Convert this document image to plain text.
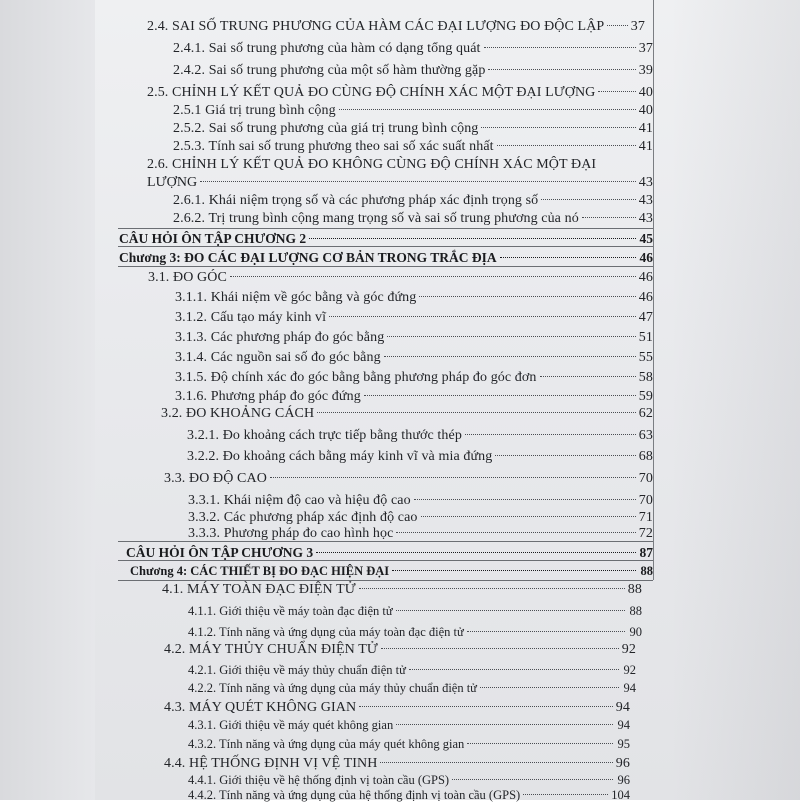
2.4. SAI SỐ TRUNG PHƯƠNG CỦA HÀM CÁC ĐẠI LƯỢNG ĐO ĐỘC LẬP 37
2.4.1. Sai số trung phương của hàm có dạng tổng quát	37
2.4.2. Sai số trung phương của một số hàm thường gặp	39
2.5. CHỈNH LÝ KẾT QUẢ ĐO CÙNG ĐỘ CHÍNH XÁC MỘT ĐẠI LƯỢNG	40
2.5.1 Giá trị trung bình cộng	40
2.5.2. Sai số trung phương của giá trị trung bình cộng	41
2.5.3. Tính sai số trung phương theo sai số xác suất nhất	41
2.6. CHỈNH LÝ KẾT QUẢ ĐO KHÔNG CÙNG ĐỘ CHÍNH XÁC MỘT ĐẠI
LƯỢNG	43
2.6.1. Khái niệm trọng số và các phương pháp xác định trọng số	43
2.6.2. Trị trung bình cộng mang trọng số và sai số trung phương của nó	43
CÂU HỎI ÔN TẬP CHƯƠNG 2	45
Chương 3: ĐO CÁC ĐẠI LƯỢNG CƠ BẢN TRONG TRẮC ĐỊA	46
3.1. ĐO GÓC	46
3.1.1. Khái niệm về góc bằng và góc đứng	46
3.1.2. Cấu tạo máy kinh vĩ	47
3.1.3. Các phương pháp đo góc bằng	51
3.1.4. Các nguồn sai số đo góc bằng	55
3.1.5. Độ chính xác đo góc bằng bằng phương pháp đo góc đơn	58
3.1.6. Phương pháp đo góc đứng	59
3.2. ĐO KHOẢNG CÁCH	62
3.2.1. Đo khoảng cách trực tiếp bằng thước thép	63
3.2.2. Đo khoảng cách bằng máy kinh vĩ và mia đứng	68
3.3. ĐO ĐỘ CAO	70
3.3.1. Khái niệm độ cao và hiệu độ cao	70
3.3.2. Các phương pháp xác định độ cao	71
3.3.3. Phương pháp đo cao hình học	72
CÂU HỎI ÔN TẬP CHƯƠNG 3	87
Chương 4: CÁC THIẾT BỊ ĐO ĐẠC HIỆN ĐẠI	88
4.1. MÁY TOÀN ĐẠC ĐIỆN TỬ	88
4.1.1. Giới thiệu về máy toàn đạc điện tử	88
4.1.2. Tính năng và ứng dụng của máy toàn đạc điện tử	90
4.2. MÁY THỦY CHUẨN ĐIỆN TỬ	92
4.2.1. Giới thiệu về máy thủy chuẩn điện tử	92
4.2.2. Tính năng và ứng dụng của máy thủy chuẩn điện tử	94
4.3. MÁY QUÉT KHÔNG GIAN	94
4.3.1. Giới thiệu về máy quét không gian	94
4.3.2. Tính năng và ứng dụng của máy quét không gian	95
4.4. HỆ THỐNG ĐỊNH VỊ VỆ TINH	96
4.4.1. Giới thiệu về hệ thống định vị toàn cầu (GPS)	96
4.4.2. Tính năng và ứng dụng của hệ thống định vị toàn cầu (GPS)	104
